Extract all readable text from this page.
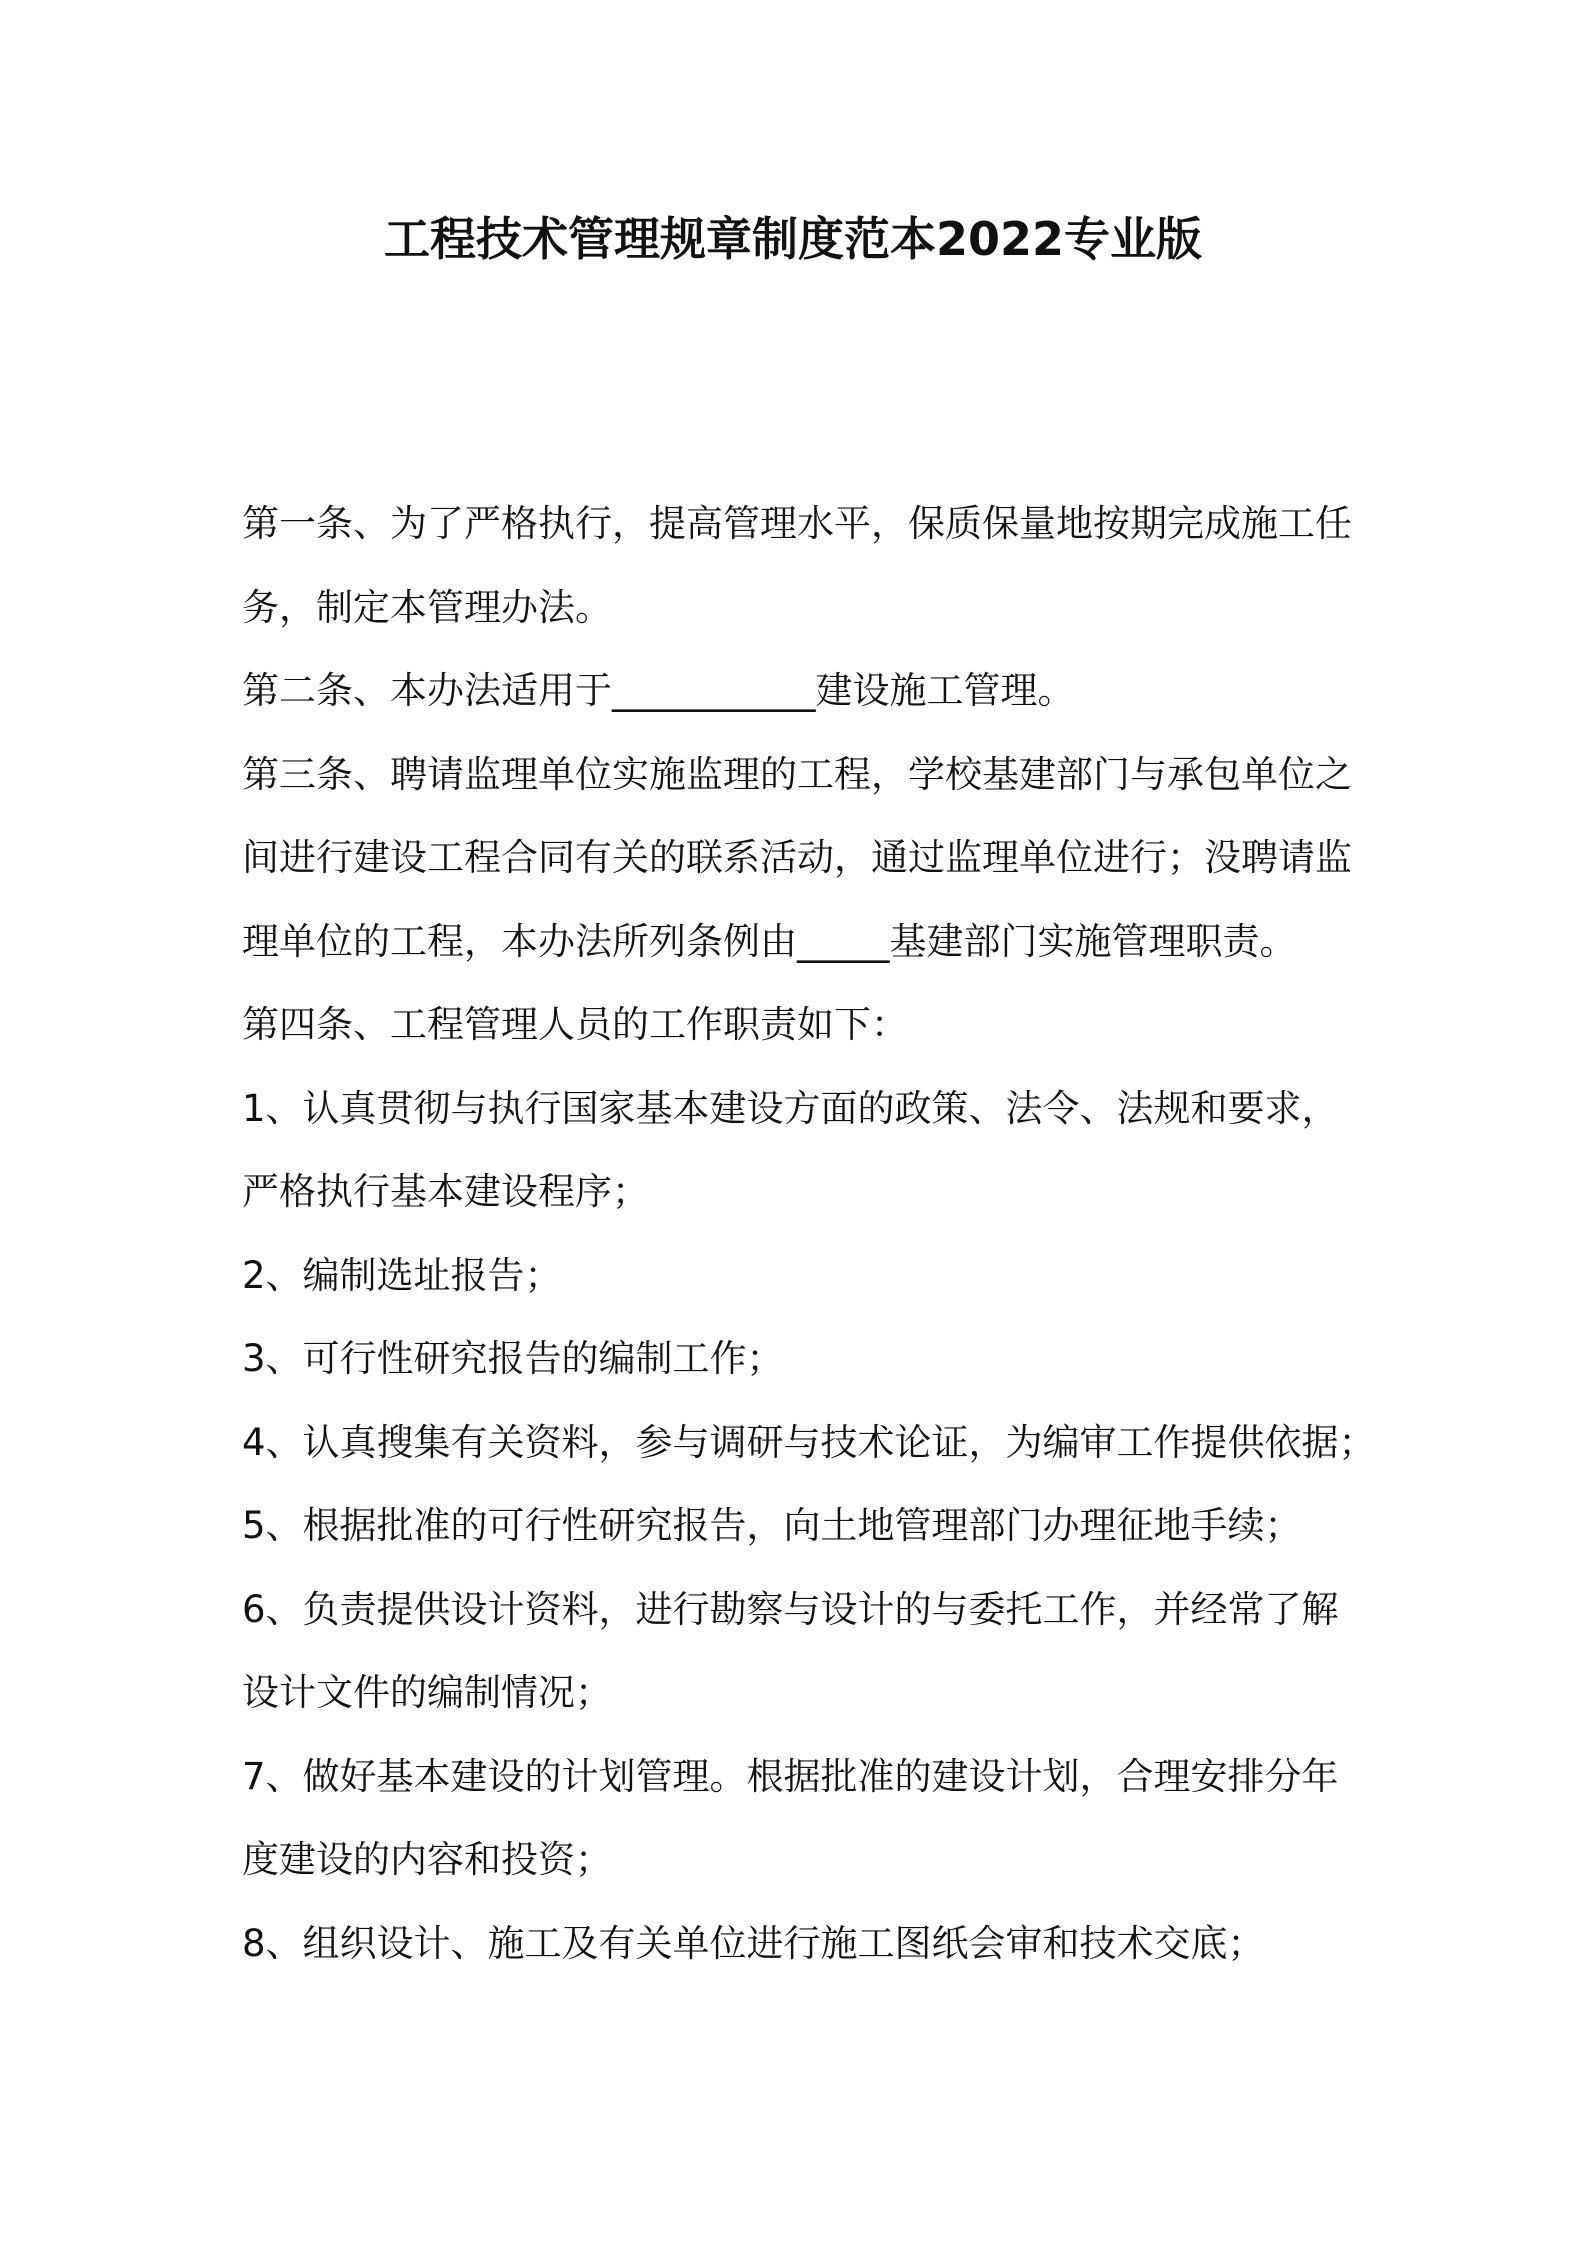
工程技术管理规章制度范本2022专业版

第一条、为了严格执行，提高管理水平，保质保量地按期完成施工任

务，制定本管理办法。

第二条、本办法适用于___________建设施工管理。

第三条、聘请监理单位实施监理的工程，学校基建部门与承包单位之

间进行建设工程合同有关的联系活动，通过监理单位进行；没聘请监

理单位的工程，本办法所列条例由_____基建部门实施管理职责。

第四条、工程管理人员的工作职责如下：

1、认真贯彻与执行国家基本建设方面的政策、法令、法规和要求，

严格执行基本建设程序；

2、编制选址报告；

3、可行性研究报告的编制工作；

4、认真搜集有关资料，参与调研与技术论证，为编审工作提供依据；

5、根据批准的可行性研究报告，向土地管理部门办理征地手续；

6、负责提供设计资料，进行勘察与设计的与委托工作，并经常了解

设计文件的编制情况；

7、做好基本建设的计划管理。根据批准的建设计划，合理安排分年

度建设的内容和投资；

8、组织设计、施工及有关单位进行施工图纸会审和技术交底；
